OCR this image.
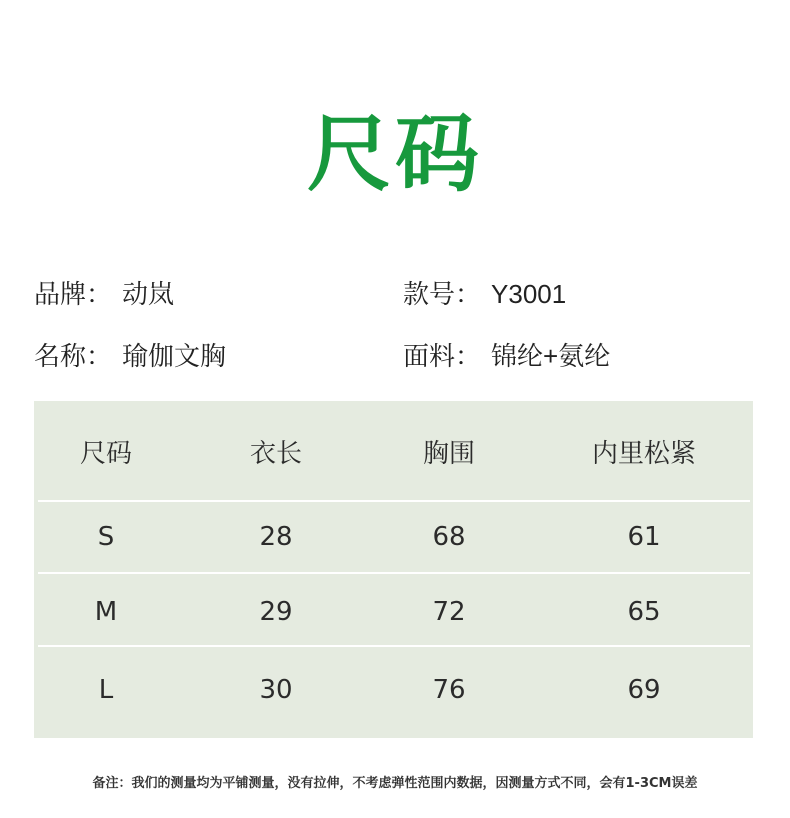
尺码
品牌： 动岚	款号： Y3001
名称： 瑜伽文胸	面料： 锦纶+氨纶
尺码	衣长	胸围	内里松紧
S	28	68	61
M	29	72	65
L	30	76	69
备注：我们的测量均为平铺测量，没有拉伸，不考虑弹性范围内数据，因测量方式不同，会有1-3CM误差
